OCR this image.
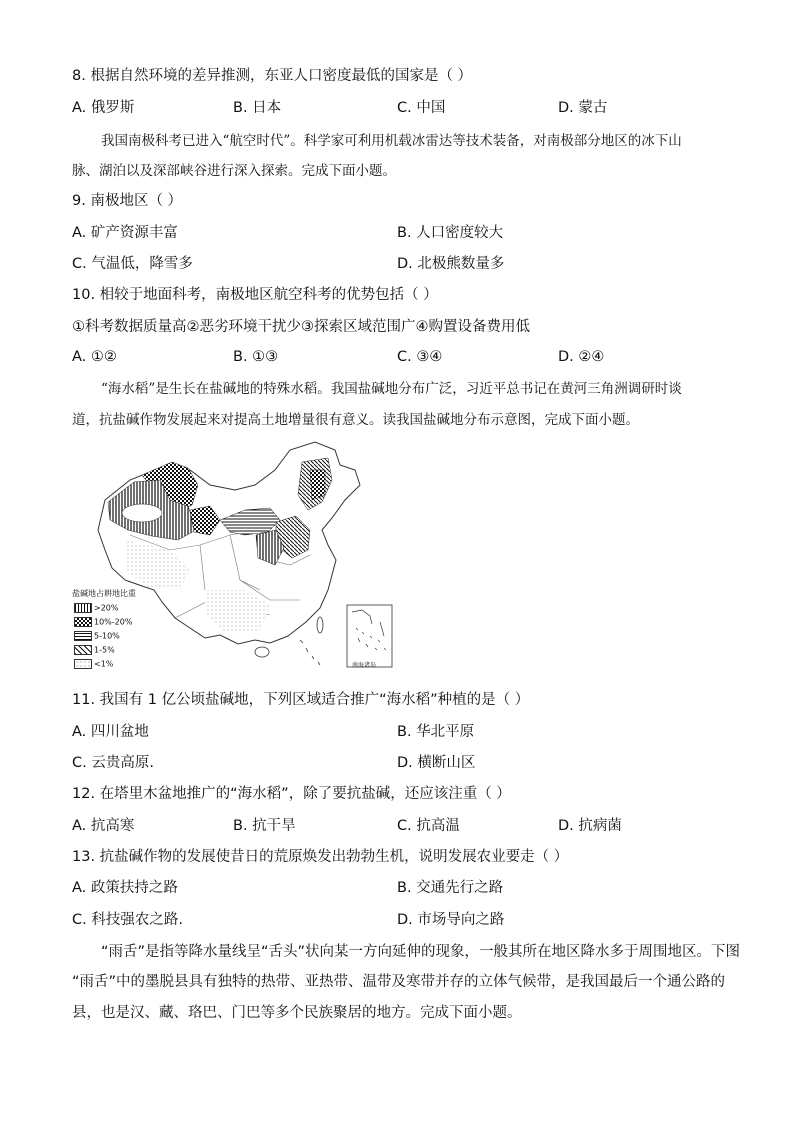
8. 根据自然环境的差异推测，东亚人口密度最低的国家是（ ）
A. 俄罗斯	B. 日本	C. 中国	D. 蒙古
我国南极科考已进入“航空时代”。科学家可利用机载冰雷达等技术装备，对南极部分地区的冰下山
脉、湖泊以及深部峡谷进行深入探索。完成下面小题。
9. 南极地区（ ）
A. 矿产资源丰富	B. 人口密度较大
C. 气温低，降雪多	D. 北极熊数量多
10. 相较于地面科考，南极地区航空科考的优势包括（ ）
①科考数据质量高②恶劣环境干扰少③探索区域范围广④购置设备费用低
A. ①②	B. ①③	C. ③④	D. ②④
“海水稻”是生长在盐碱地的特殊水稻。我国盐碱地分布广泛，习近平总书记在黄河三角洲调研时谈
道，抗盐碱作物发展起来对提高土地增量很有意义。读我国盐碱地分布示意图，完成下面小题。
盐碱地占耕地比重
>20%
10%-20%
5-10%
1-5%
<1%	南海诸岛
11. 我国有 1 亿公顷盐碱地，下列区域适合推广“海水稻”种植的是（ ）
A. 四川盆地	B. 华北平原
C. 云贵高原.	D. 横断山区
12. 在塔里木盆地推广的“海水稻”，除了要抗盐碱，还应该注重（ ）
A. 抗高寒	B. 抗干旱	C. 抗高温	D. 抗病菌
13. 抗盐碱作物的发展使昔日的荒原焕发出勃勃生机，说明发展农业要走（ ）
A. 政策扶持之路	B. 交通先行之路
C. 科技强农之路.	D. 市场导向之路
“雨舌”是指等降水量线呈“舌头”状向某一方向延伸的现象，一般其所在地区降水多于周围地区。下图
“雨舌”中的墨脱县具有独特的热带、亚热带、温带及寒带并存的立体气候带，是我国最后一个通公路的
县，也是汉、藏、珞巴、门巴等多个民族聚居的地方。完成下面小题。
